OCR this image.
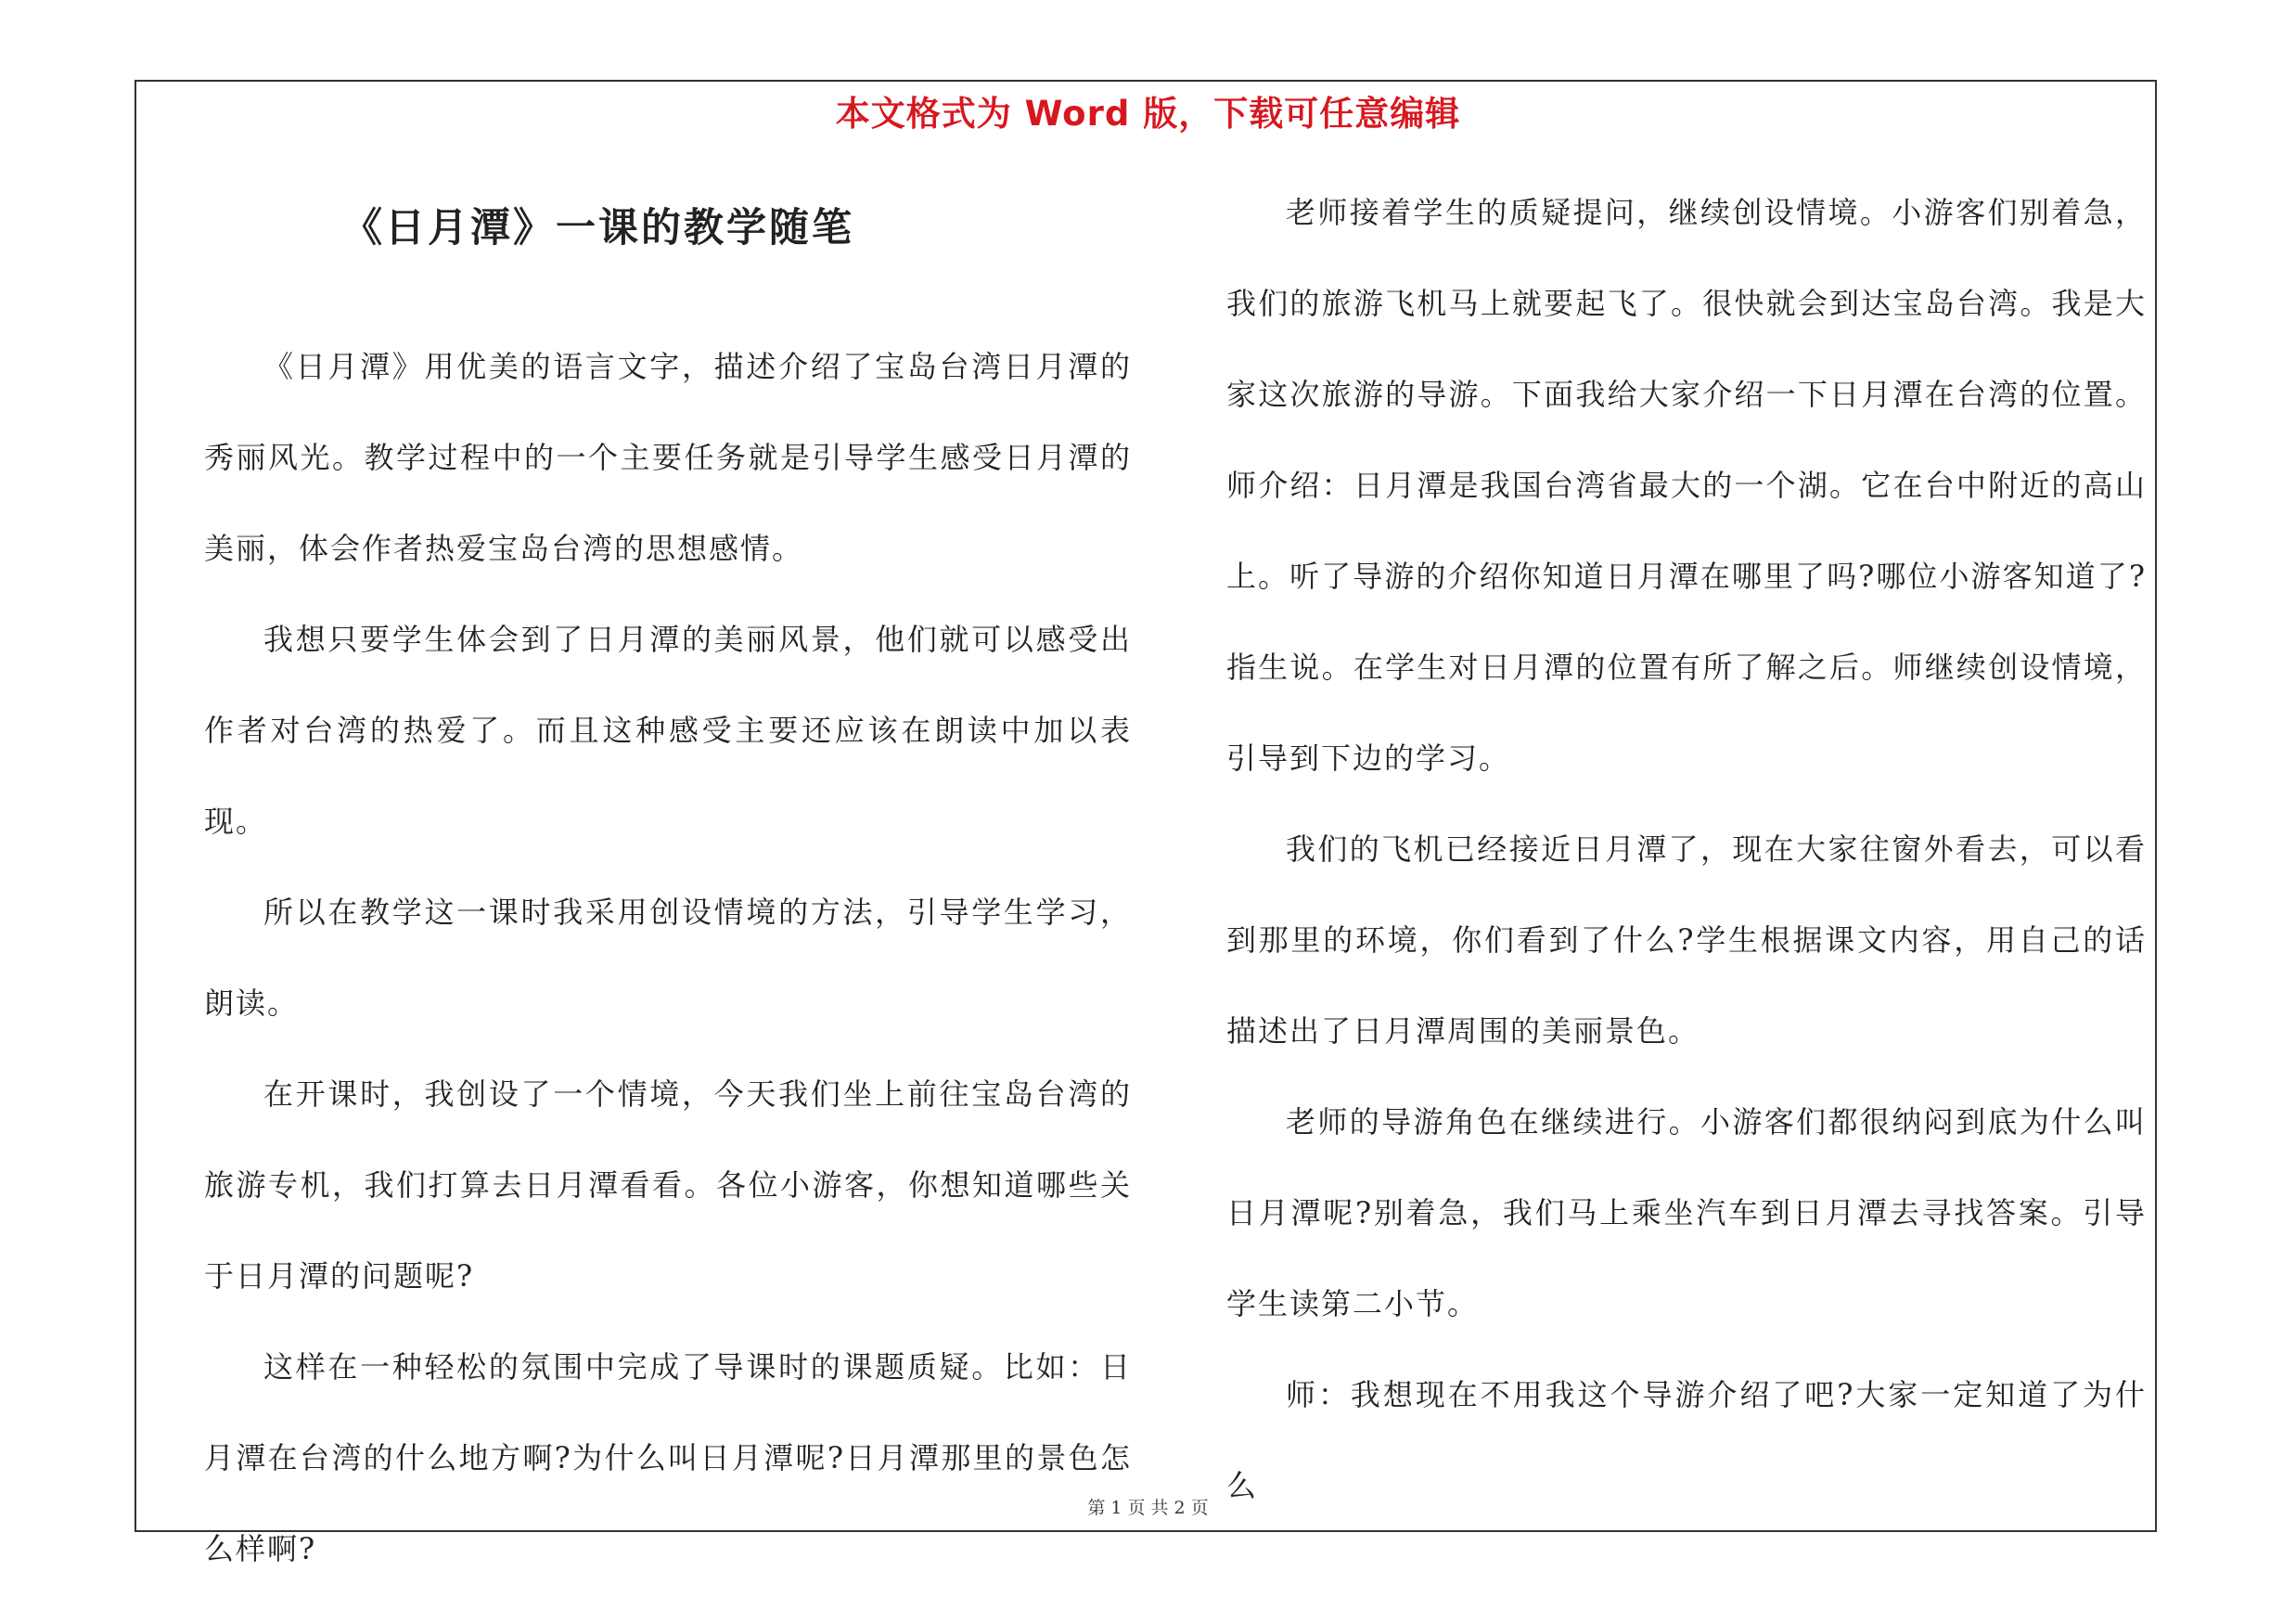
本文格式为 Word 版，下载可任意编辑
《日月潭》一课的教学随笔

《日月潭》用优美的语言文字，描述介绍了宝岛台湾日月潭的秀丽风光。教学过程中的一个主要任务就是引导学生感受日月潭的美丽，体会作者热爱宝岛台湾的思想感情。

我想只要学生体会到了日月潭的美丽风景，他们就可以感受出作者对台湾的热爱了。而且这种感受主要还应该在朗读中加以表现。

所以在教学这一课时我采用创设情境的方法，引导学生学习，朗读。

在开课时，我创设了一个情境，今天我们坐上前往宝岛台湾的旅游专机，我们打算去日月潭看看。各位小游客，你想知道哪些关于日月潭的问题呢?

这样在一种轻松的氛围中完成了导课时的课题质疑。比如：日月潭在台湾的什么地方啊?为什么叫日月潭呢?日月潭那里的景色怎么样啊?

老师接着学生的质疑提问，继续创设情境。小游客们别着急，我们的旅游飞机马上就要起飞了。很快就会到达宝岛台湾。我是大家这次旅游的导游。下面我给大家介绍一下日月潭在台湾的位置。师介绍：日月潭是我国台湾省最大的一个湖。它在台中附近的高山上。听了导游的介绍你知道日月潭在哪里了吗?哪位小游客知道了?指生说。在学生对日月潭的位置有所了解之后。师继续创设情境，引导到下边的学习。

我们的飞机已经接近日月潭了，现在大家往窗外看去，可以看到那里的环境，你们看到了什么?学生根据课文内容，用自己的话描述出了日月潭周围的美丽景色。

老师的导游角色在继续进行。小游客们都很纳闷到底为什么叫日月潭呢?别着急，我们马上乘坐汽车到日月潭去寻找答案。引导学生读第二小节。

师：我想现在不用我这个导游介绍了吧?大家一定知道了为什么

第 1 页 共 2 页
